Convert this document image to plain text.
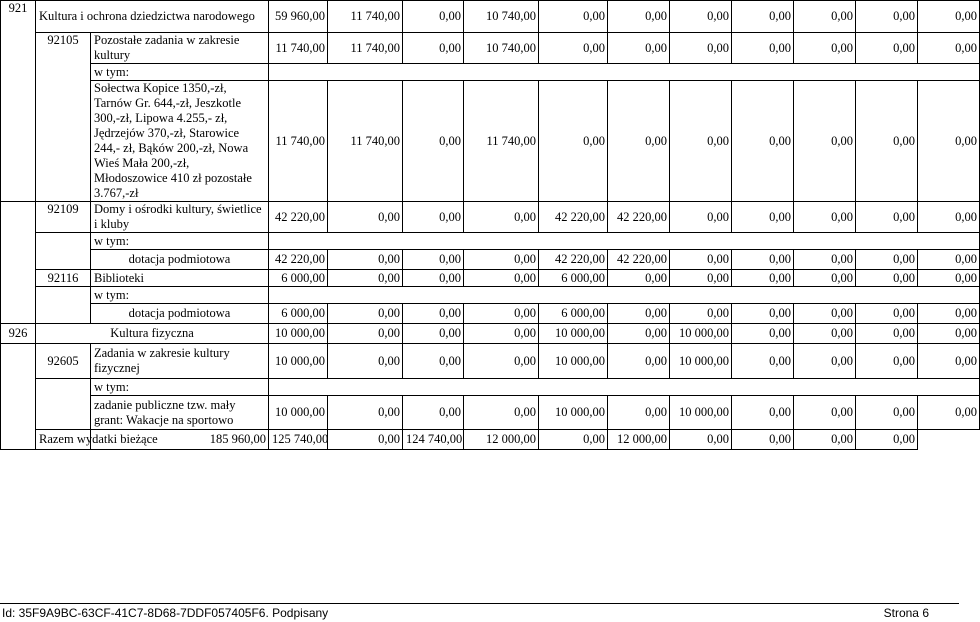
921	Kultura i ochrona dziedzictwa narodowego		59 960,00	11 740,00	0,00	10 740,00	0,00	0,00	0,00	0,00	0,00	0,00	0,00
	92105	Pozostałe zadania w zakresie kultury	11 740,00	11 740,00	0,00	10 740,00	0,00	0,00	0,00	0,00	0,00	0,00	0,00
		w tym:											
		Sołectwa Kopice 1350,-zł, Tarnów Gr. 644,-zł, Jeszkotle 300,-zł, Lipowa 4.255,- zł, Jędrzejów 370,-zł, Starowice 244,- zł, Bąków 200,-zł, Nowa Wieś Mała 200,-zł, Młodoszowice 410 zł pozostałe 3.767,-zł	11 740,00	11 740,00	0,00	11 740,00	0,00	0,00	0,00	0,00	0,00	0,00	0,00
	92109	Domy i ośrodki kultury, świetlice i kluby	42 220,00	0,00	0,00	0,00	42 220,00	42 220,00	0,00	0,00	0,00	0,00	0,00
		w tym:											
		dotacja podmiotowa	42 220,00	0,00	0,00	0,00	42 220,00	42 220,00	0,00	0,00	0,00	0,00	0,00
	92116	Biblioteki	6 000,00	0,00	0,00	0,00	6 000,00	0,00	0,00	0,00	0,00	0,00	0,00
		w tym:											
		dotacja podmiotowa	6 000,00	0,00	0,00	0,00	6 000,00	0,00	0,00	0,00	0,00	0,00	0,00
926	Kultura fizyczna		10 000,00	0,00	0,00	0,00	10 000,00	0,00	10 000,00	0,00	0,00	0,00	0,00
	92605	Zadania w zakresie kultury fizycznej	10 000,00	0,00	0,00	0,00	10 000,00	0,00	10 000,00	0,00	0,00	0,00	0,00
		w tym:											
		zadanie publiczne tzw. mały grant: Wakacje na sportowo	10 000,00	0,00	0,00	0,00	10 000,00	0,00	10 000,00	0,00	0,00	0,00	0,00
	Razem wydatki bieżące	185 960,00	125 740,00	0,00	124 740,00	12 000,00	0,00	12 000,00	0,00	0,00	0,00	0,00	
Id: 35F9A9BC-63CF-41C7-8D68-7DDF057405F6. Podpisany	Strona 6
